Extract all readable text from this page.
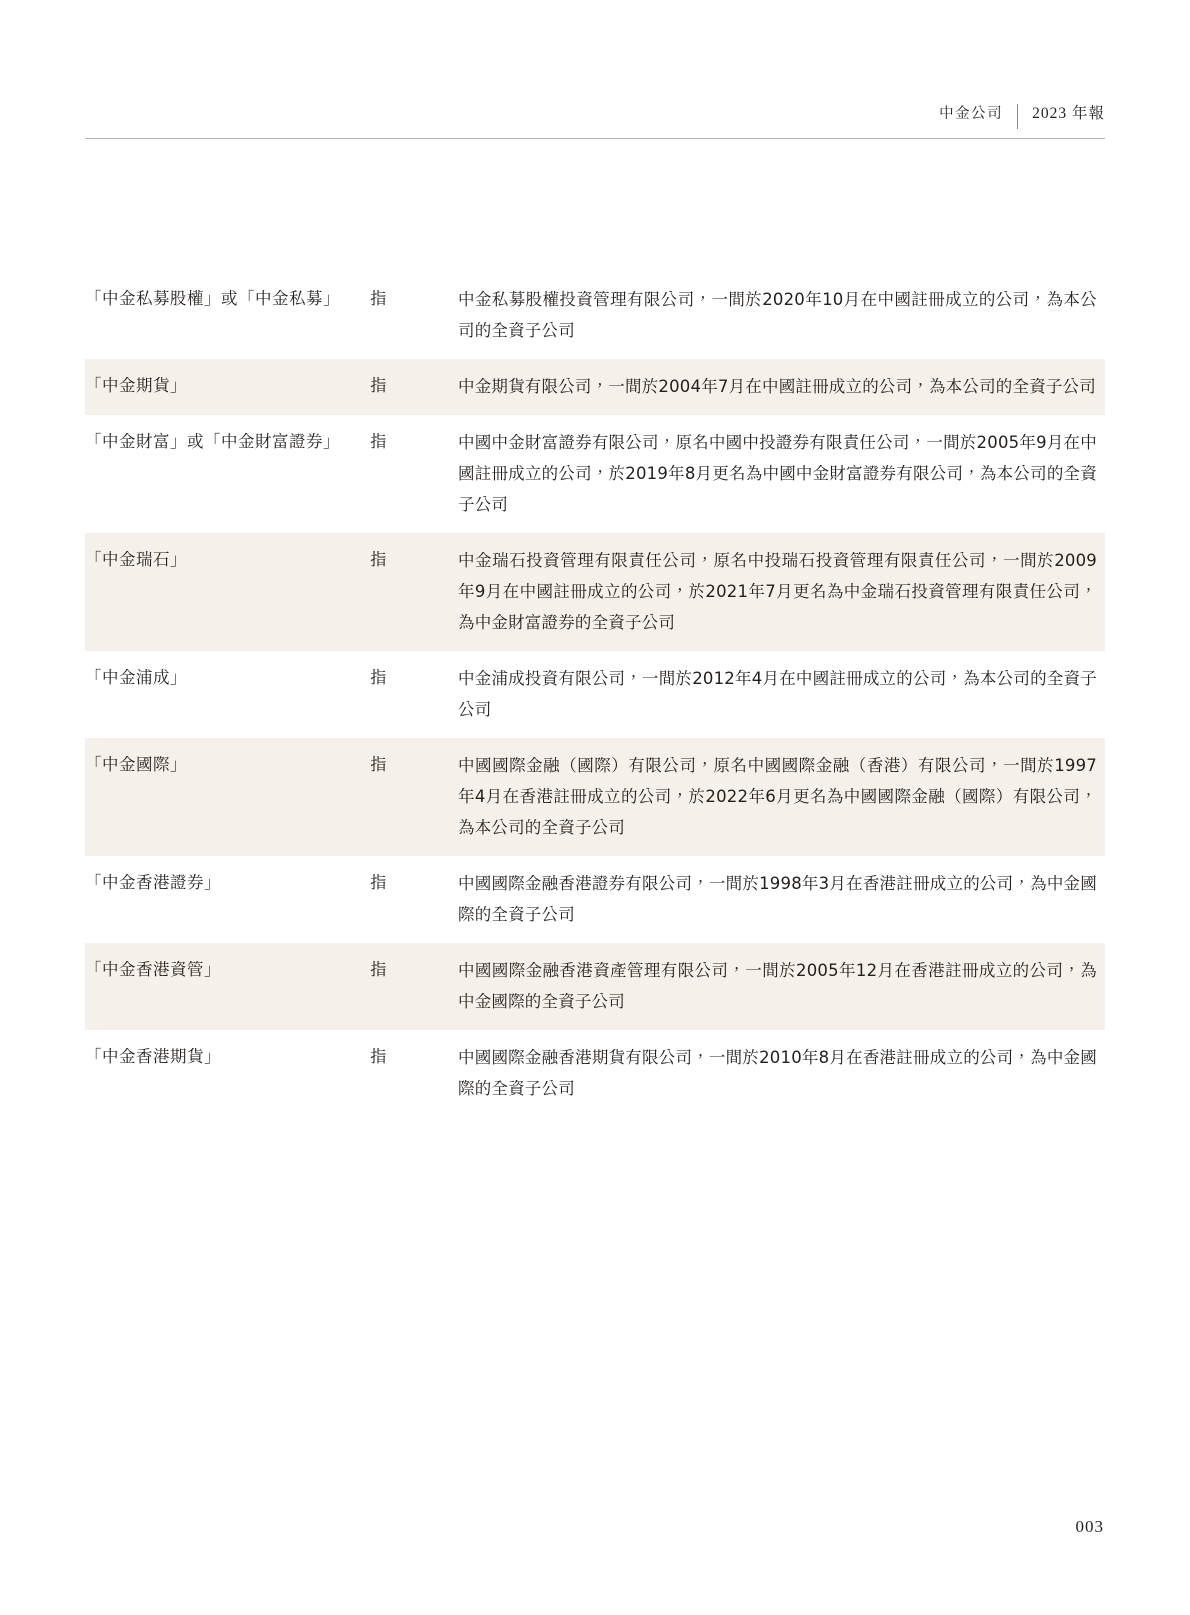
中金公司	2023 年報
「中金私募股權」或「中金私募」	指	中金私募股權投資管理有限公司，一間於2020年10月在中國註冊成立的公司，為本公司的全資子公司
「中金期貨」	指	中金期貨有限公司，一間於2004年7月在中國註冊成立的公司，為本公司的全資子公司
「中金財富」或「中金財富證券」	指	中國中金財富證券有限公司，原名中國中投證券有限責任公司，一間於2005年9月在中國註冊成立的公司，於2019年8月更名為中國中金財富證券有限公司，為本公司的全資子公司
「中金瑞石」	指	中金瑞石投資管理有限責任公司，原名中投瑞石投資管理有限責任公司，一間於2009年9月在中國註冊成立的公司，於2021年7月更名為中金瑞石投資管理有限責任公司，為中金財富證券的全資子公司
「中金浦成」	指	中金浦成投資有限公司，一間於2012年4月在中國註冊成立的公司，為本公司的全資子公司
「中金國際」	指	中國國際金融（國際）有限公司，原名中國國際金融（香港）有限公司，一間於1997年4月在香港註冊成立的公司，於2022年6月更名為中國國際金融（國際）有限公司，為本公司的全資子公司
「中金香港證券」	指	中國國際金融香港證券有限公司，一間於1998年3月在香港註冊成立的公司，為中金國際的全資子公司
「中金香港資管」	指	中國國際金融香港資產管理有限公司，一間於2005年12月在香港註冊成立的公司，為中金國際的全資子公司
「中金香港期貨」	指	中國國際金融香港期貨有限公司，一間於2010年8月在香港註冊成立的公司，為中金國際的全資子公司
003
